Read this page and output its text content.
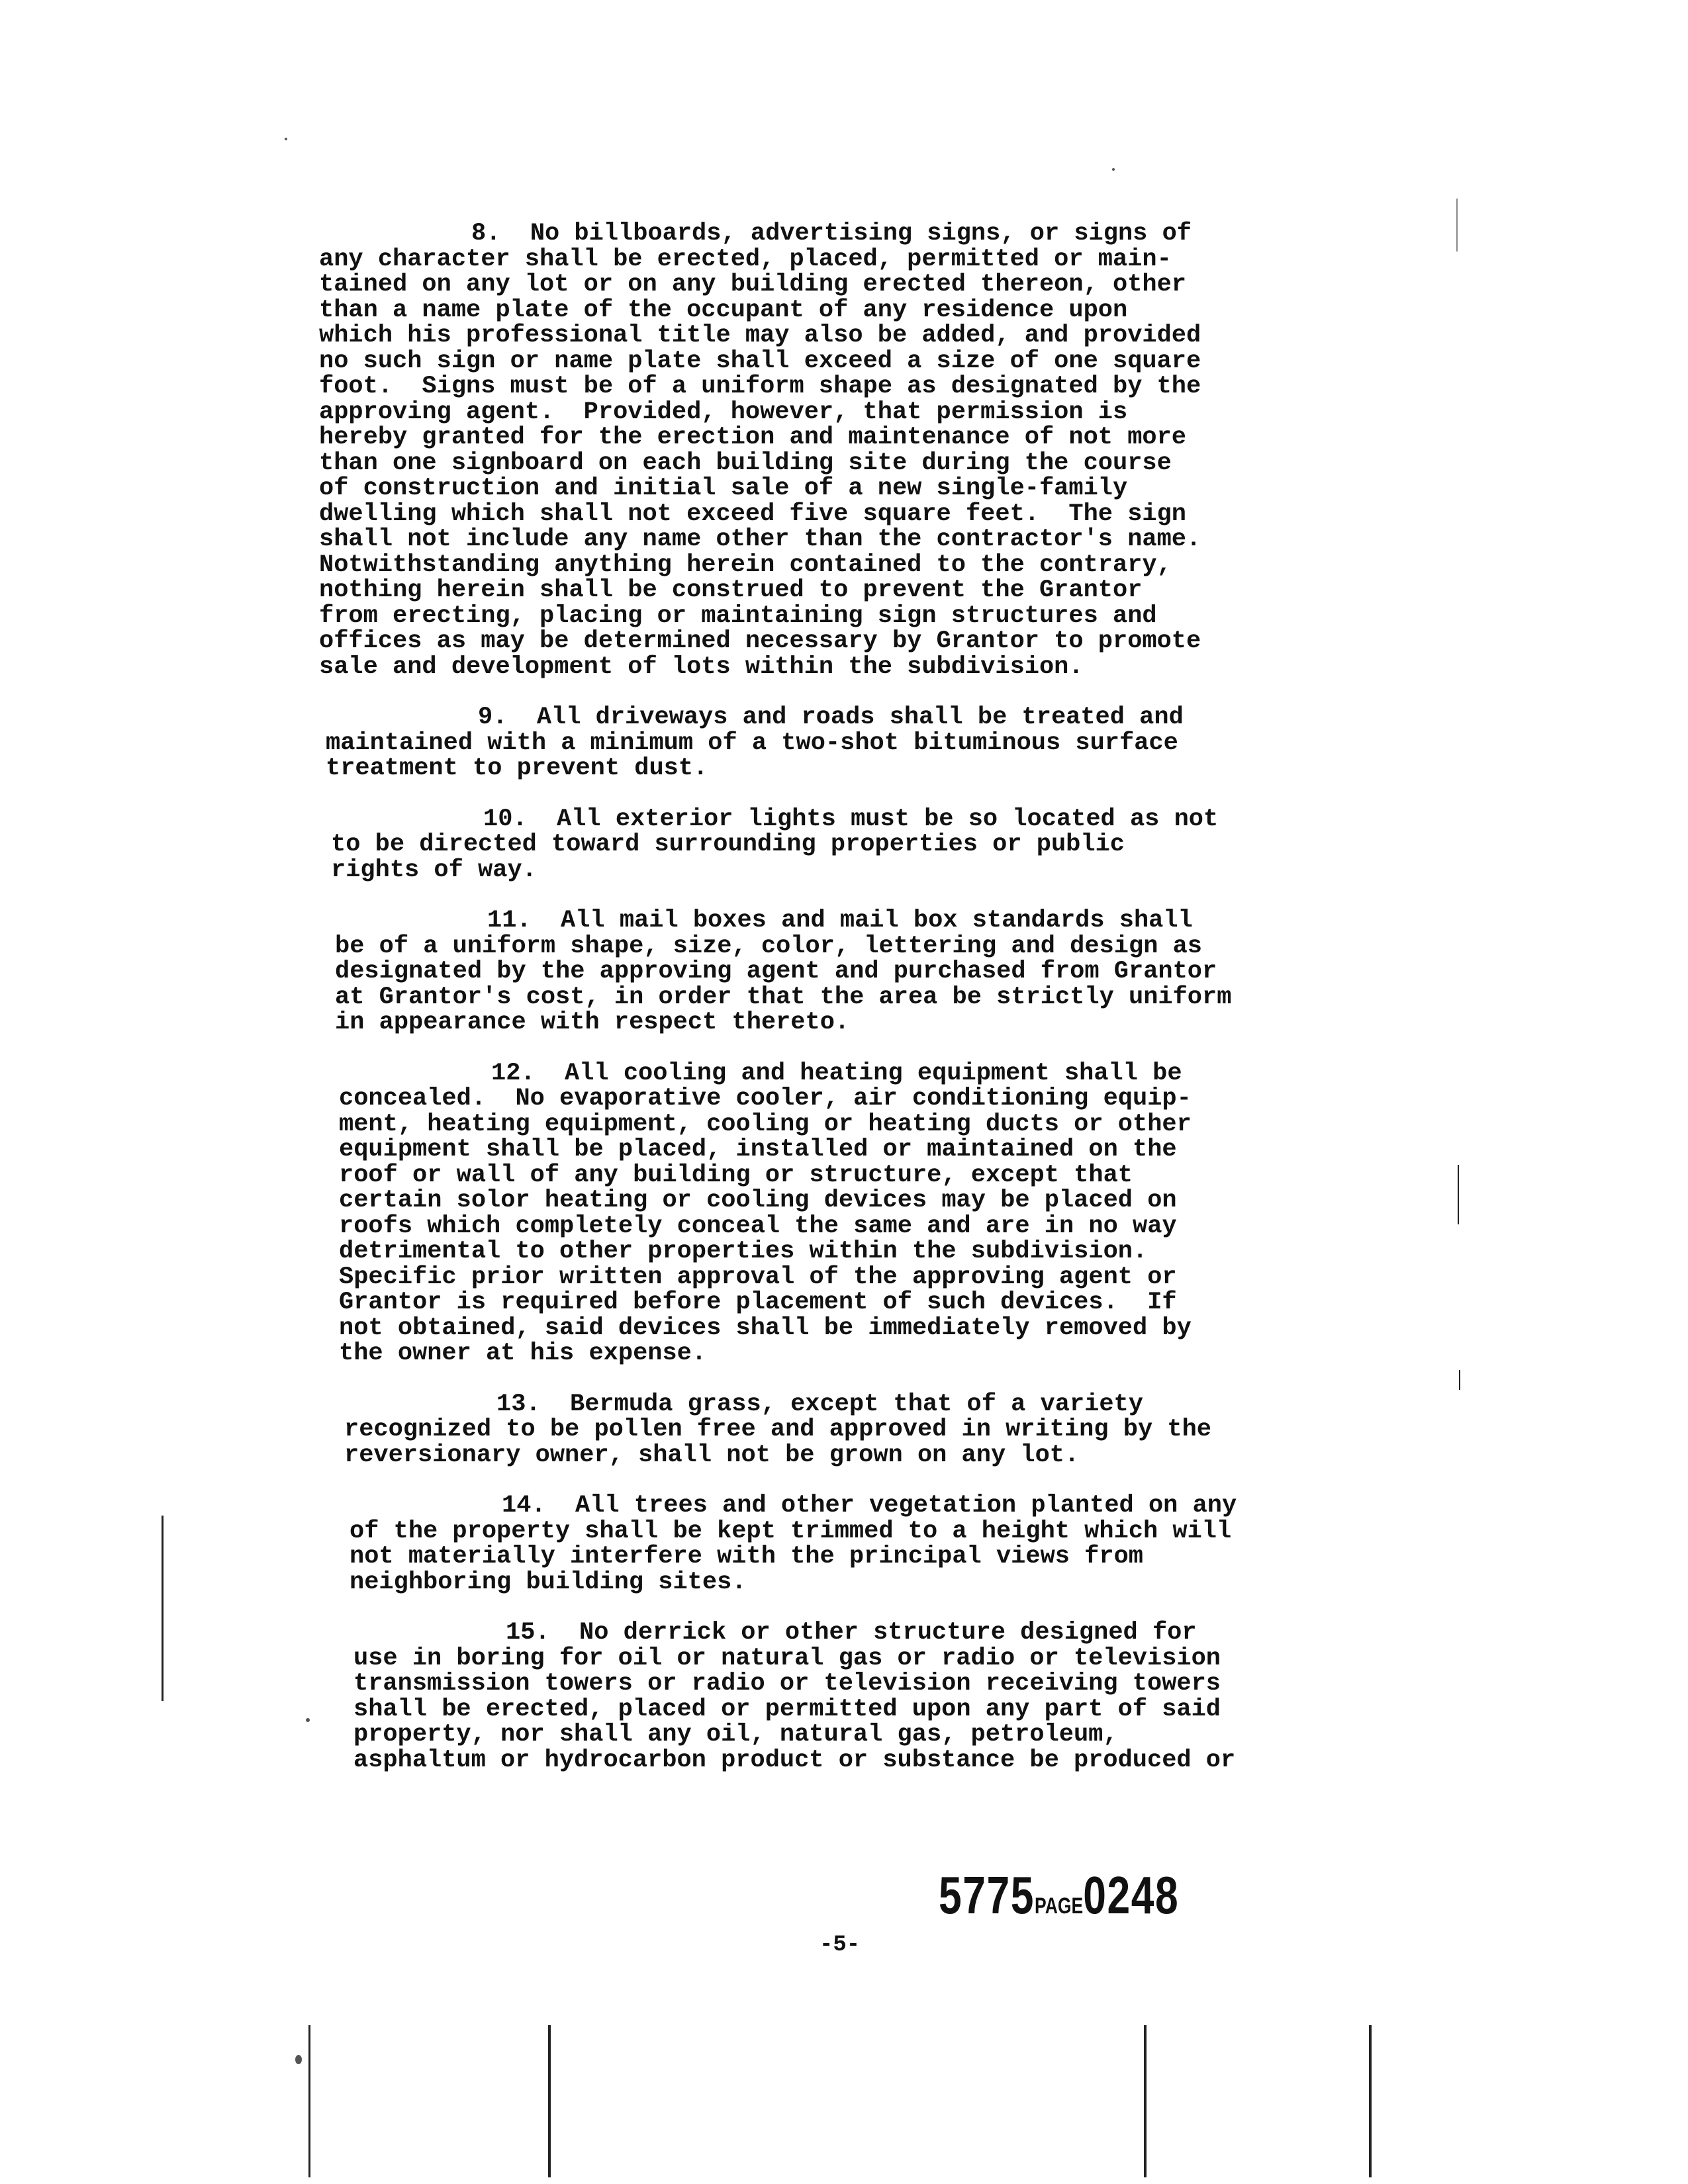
8.  No billboards, advertising signs, or signs of

any character shall be erected, placed, permitted or main-

tained on any lot or on any building erected thereon, other

than a name plate of the occupant of any residence upon

which his professional title may also be added, and provided

no such sign or name plate shall exceed a size of one square

foot.  Signs must be of a uniform shape as designated by the

approving agent.  Provided, however, that permission is

hereby granted for the erection and maintenance of not more

than one signboard on each building site during the course

of construction and initial sale of a new single-family

dwelling which shall not exceed five square feet.  The sign

shall not include any name other than the contractor's name.

Notwithstanding anything herein contained to the contrary,

nothing herein shall be construed to prevent the Grantor

from erecting, placing or maintaining sign structures and

offices as may be determined necessary by Grantor to promote

sale and development of lots within the subdivision.

9.  All driveways and roads shall be treated and

maintained with a minimum of a two-shot bituminous surface

treatment to prevent dust.

10.  All exterior lights must be so located as not

to be directed toward surrounding properties or public

rights of way.

11.  All mail boxes and mail box standards shall

be of a uniform shape, size, color, lettering and design as

designated by the approving agent and purchased from Grantor

at Grantor's cost, in order that the area be strictly uniform

in appearance with respect thereto.

12.  All cooling and heating equipment shall be

concealed.  No evaporative cooler, air conditioning equip-

ment, heating equipment, cooling or heating ducts or other

equipment shall be placed, installed or maintained on the

roof or wall of any building or structure, except that

certain solor heating or cooling devices may be placed on

roofs which completely conceal the same and are in no way

detrimental to other properties within the subdivision.

Specific prior written approval of the approving agent or

Grantor is required before placement of such devices.  If

not obtained, said devices shall be immediately removed by

the owner at his expense.

13.  Bermuda grass, except that of a variety

recognized to be pollen free and approved in writing by the

reversionary owner, shall not be grown on any lot.

14.  All trees and other vegetation planted on any

of the property shall be kept trimmed to a height which will

not materially interfere with the principal views from

neighboring building sites.

15.  No derrick or other structure designed for

use in boring for oil or natural gas or radio or television

transmission towers or radio or television receiving towers

shall be erected, placed or permitted upon any part of said

property, nor shall any oil, natural gas, petroleum,

asphaltum or hydrocarbon product or substance be produced or

5775PAGE0248
-5-
